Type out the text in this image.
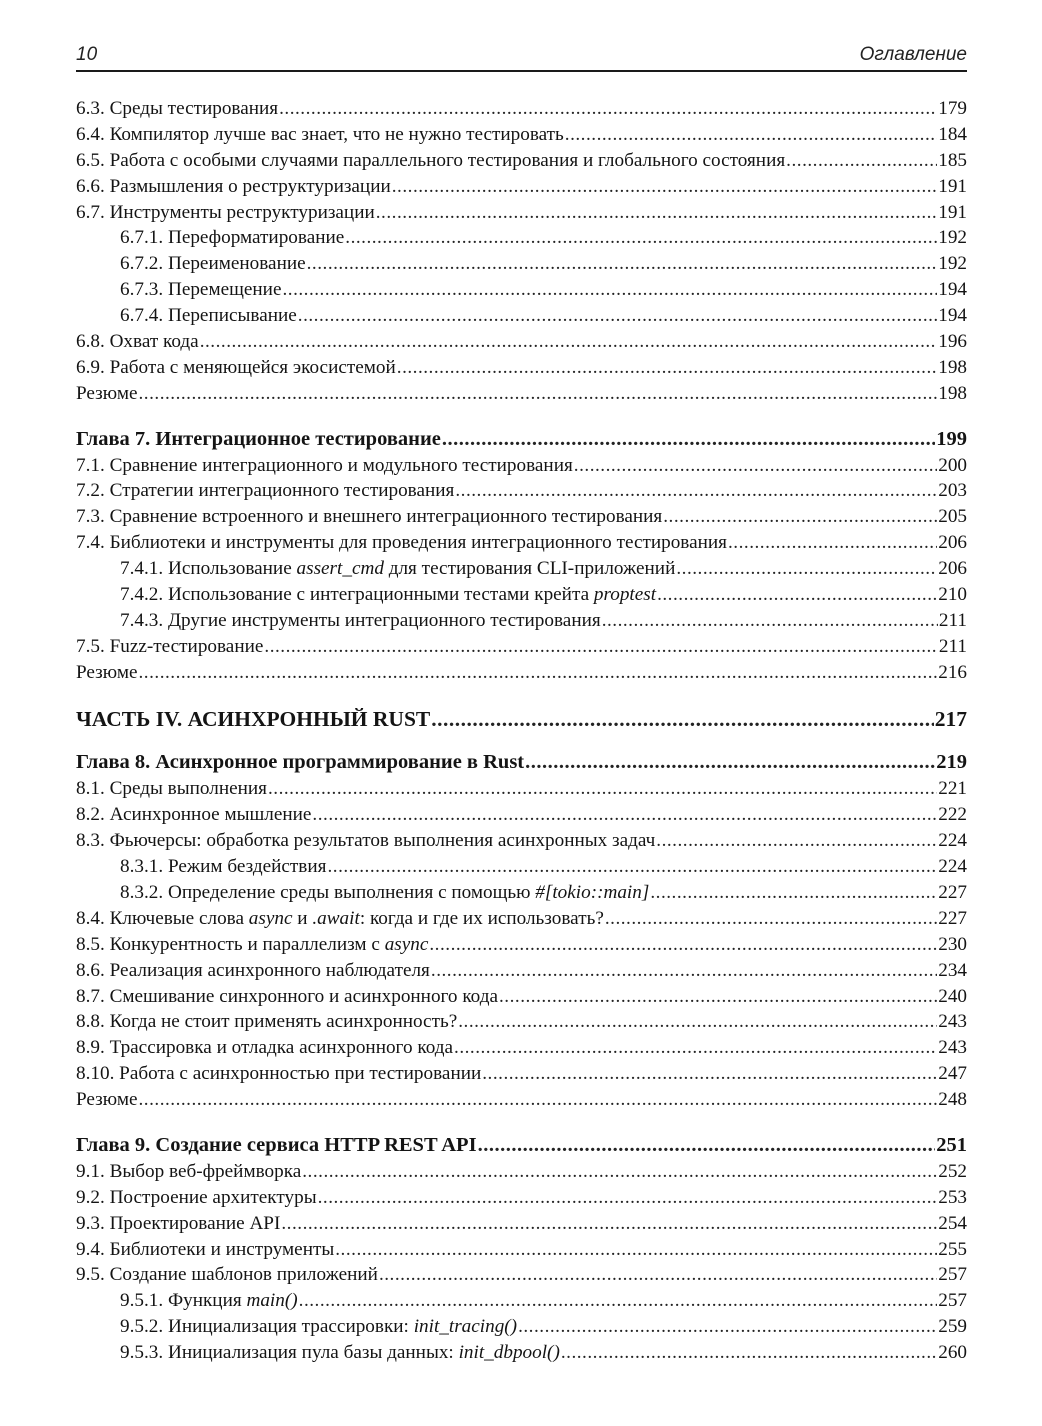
10	Оглавление
6.3. Среды тестирования .....	179
6.4. Компилятор лучше вас знает, что не нужно тестировать .....	184
6.5. Работа с особыми случаями параллельного тестирования и глобального состояния .....	185
6.6. Размышления о реструктуризации .....	191
6.7. Инструменты реструктуризации .....	191
6.7.1. Переформатирование .....	192
6.7.2. Переименование .....	192
6.7.3. Перемещение .....	194
6.7.4. Переписывание .....	194
6.8. Охват кода .....	196
6.9. Работа с меняющейся экосистемой .....	198
Резюме .....	198
Глава 7. Интеграционное тестирование .....	199
7.1. Сравнение интеграционного и модульного тестирования .....	200
7.2. Стратегии интеграционного тестирования .....	203
7.3. Сравнение встроенного и внешнего интеграционного тестирования .....	205
7.4. Библиотеки и инструменты для проведения интеграционного тестирования .....	206
7.4.1. Использование assert_cmd для тестирования CLI-приложений .....	206
7.4.2. Использование с интеграционными тестами крейта proptest .....	210
7.4.3. Другие инструменты интеграционного тестирования .....	211
7.5. Fuzz-тестирование .....	211
Резюме .....	216
ЧАСТЬ IV. АСИНХРОННЫЙ RUST .....	217
Глава 8. Асинхронное программирование в Rust .....	219
8.1. Среды выполнения .....	221
8.2. Асинхронное мышление .....	222
8.3. Фьючерсы: обработка результатов выполнения асинхронных задач .....	224
8.3.1. Режим бездействия .....	224
8.3.2. Определение среды выполнения с помощью #[tokio::main] .....	227
8.4. Ключевые слова async и .await: когда и где их использовать? .....	227
8.5. Конкурентность и параллелизм с async .....	230
8.6. Реализация асинхронного наблюдателя .....	234
8.7. Смешивание синхронного и асинхронного кода .....	240
8.8. Когда не стоит применять асинхронность? .....	243
8.9. Трассировка и отладка асинхронного кода .....	243
8.10. Работа с асинхронностью при тестировании .....	247
Резюме .....	248
Глава 9. Создание сервиса HTTP REST API .....	251
9.1. Выбор веб-фреймворка .....	252
9.2. Построение архитектуры .....	253
9.3. Проектирование API .....	254
9.4. Библиотеки и инструменты .....	255
9.5. Создание шаблонов приложений .....	257
9.5.1. Функция main() .....	257
9.5.2. Инициализация трассировки: init_tracing() .....	259
9.5.3. Инициализация пула базы данных: init_dbpool() .....	260
